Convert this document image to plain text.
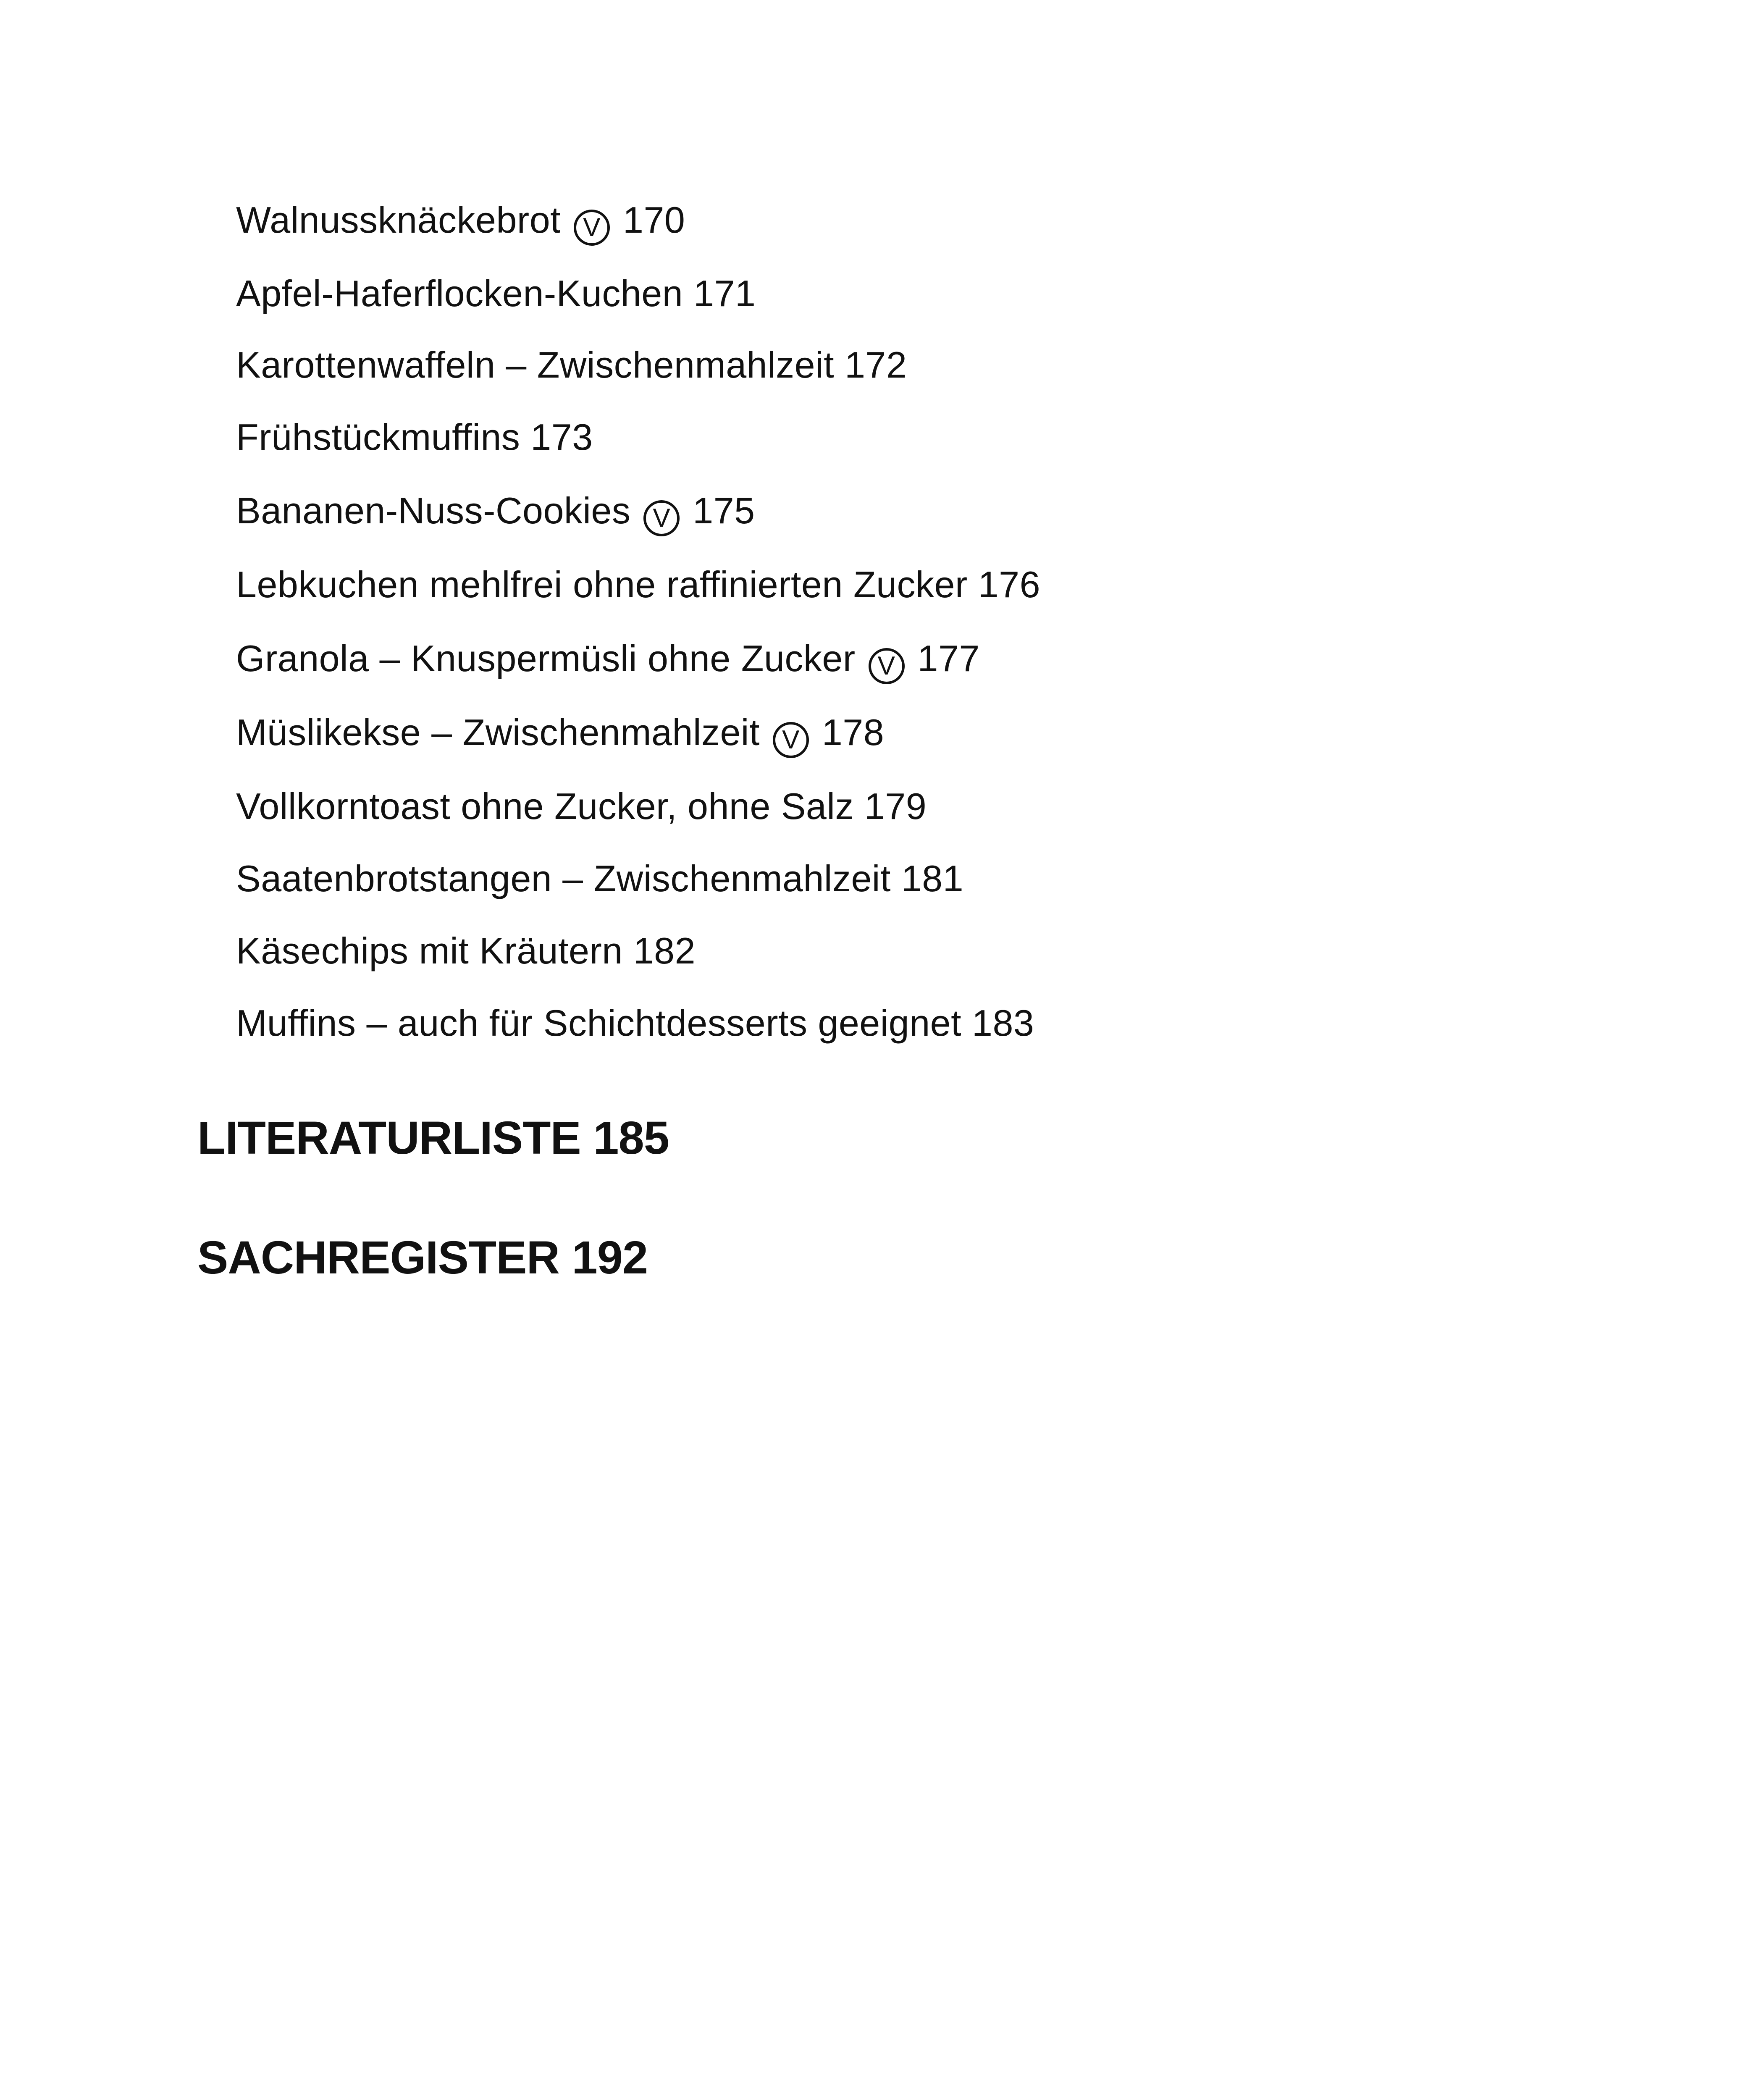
Walnussknäckebrot V 170
Apfel-Haferflocken-Kuchen 171
Karottenwaffeln – Zwischenmahlzeit 172
Frühstückmuffins 173
Bananen-Nuss-Cookies V 175
Lebkuchen mehlfrei ohne raffinierten Zucker 176
Granola – Knuspermüsli ohne Zucker V 177
Müslikekse – Zwischenmahlzeit V 178
Vollkorntoast ohne Zucker, ohne Salz 179
Saatenbrotstangen – Zwischenmahlzeit 181
Käsechips mit Kräutern 182
Muffins – auch für Schichtdesserts geeignet 183
LITERATURLISTE 185
SACHREGISTER 192
